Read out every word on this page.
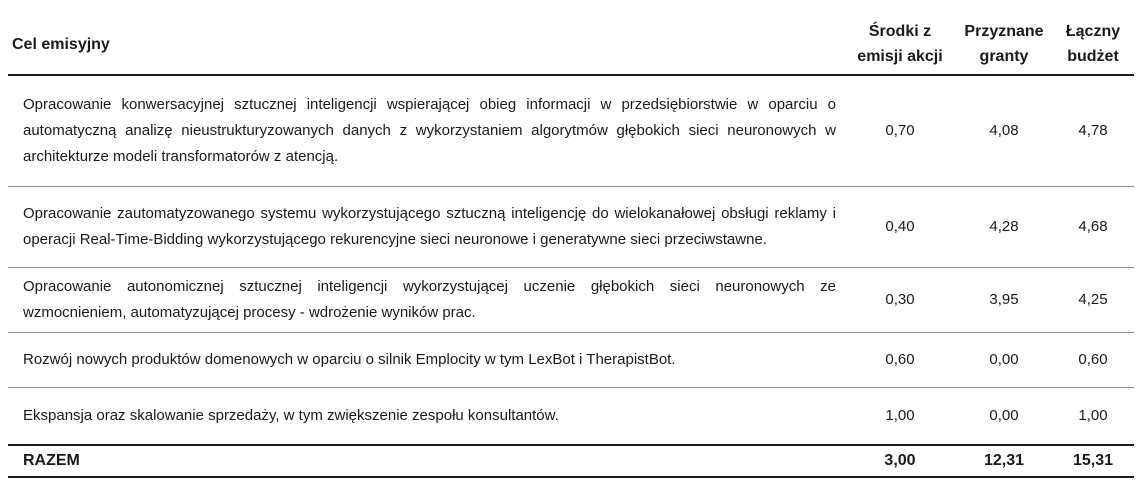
Cel emisyjny	Środki z emisji akcji	Przyznane granty	Łączny budżet
Opracowanie konwersacyjnej sztucznej inteligencji wspierającej obieg informacji w przedsiębiorstwie w oparciu o automatyczną analizę nieustrukturyzowanych danych z wykorzystaniem algorytmów głębokich sieci neuronowych w architekturze modeli transformatorów z atencją.	0,70	4,08	4,78
Opracowanie zautomatyzowanego systemu wykorzystującego sztuczną inteligencję do wielokanałowej obsługi reklamy i operacji Real-Time-Bidding wykorzystującego rekurencyjne sieci neuronowe i generatywne sieci przeciwstawne.	0,40	4,28	4,68
Opracowanie autonomicznej sztucznej inteligencji wykorzystującej uczenie głębokich sieci neuronowych ze wzmocnieniem, automatyzującej procesy - wdrożenie wyników prac.	0,30	3,95	4,25
Rozwój nowych produktów domenowych w oparciu o silnik Emplocity w tym LexBot i TherapistBot.	0,60	0,00	0,60
Ekspansja oraz skalowanie sprzedaży, w tym zwiększenie zespołu konsultantów.	1,00	0,00	1,00
RAZEM	3,00	12,31	15,31
